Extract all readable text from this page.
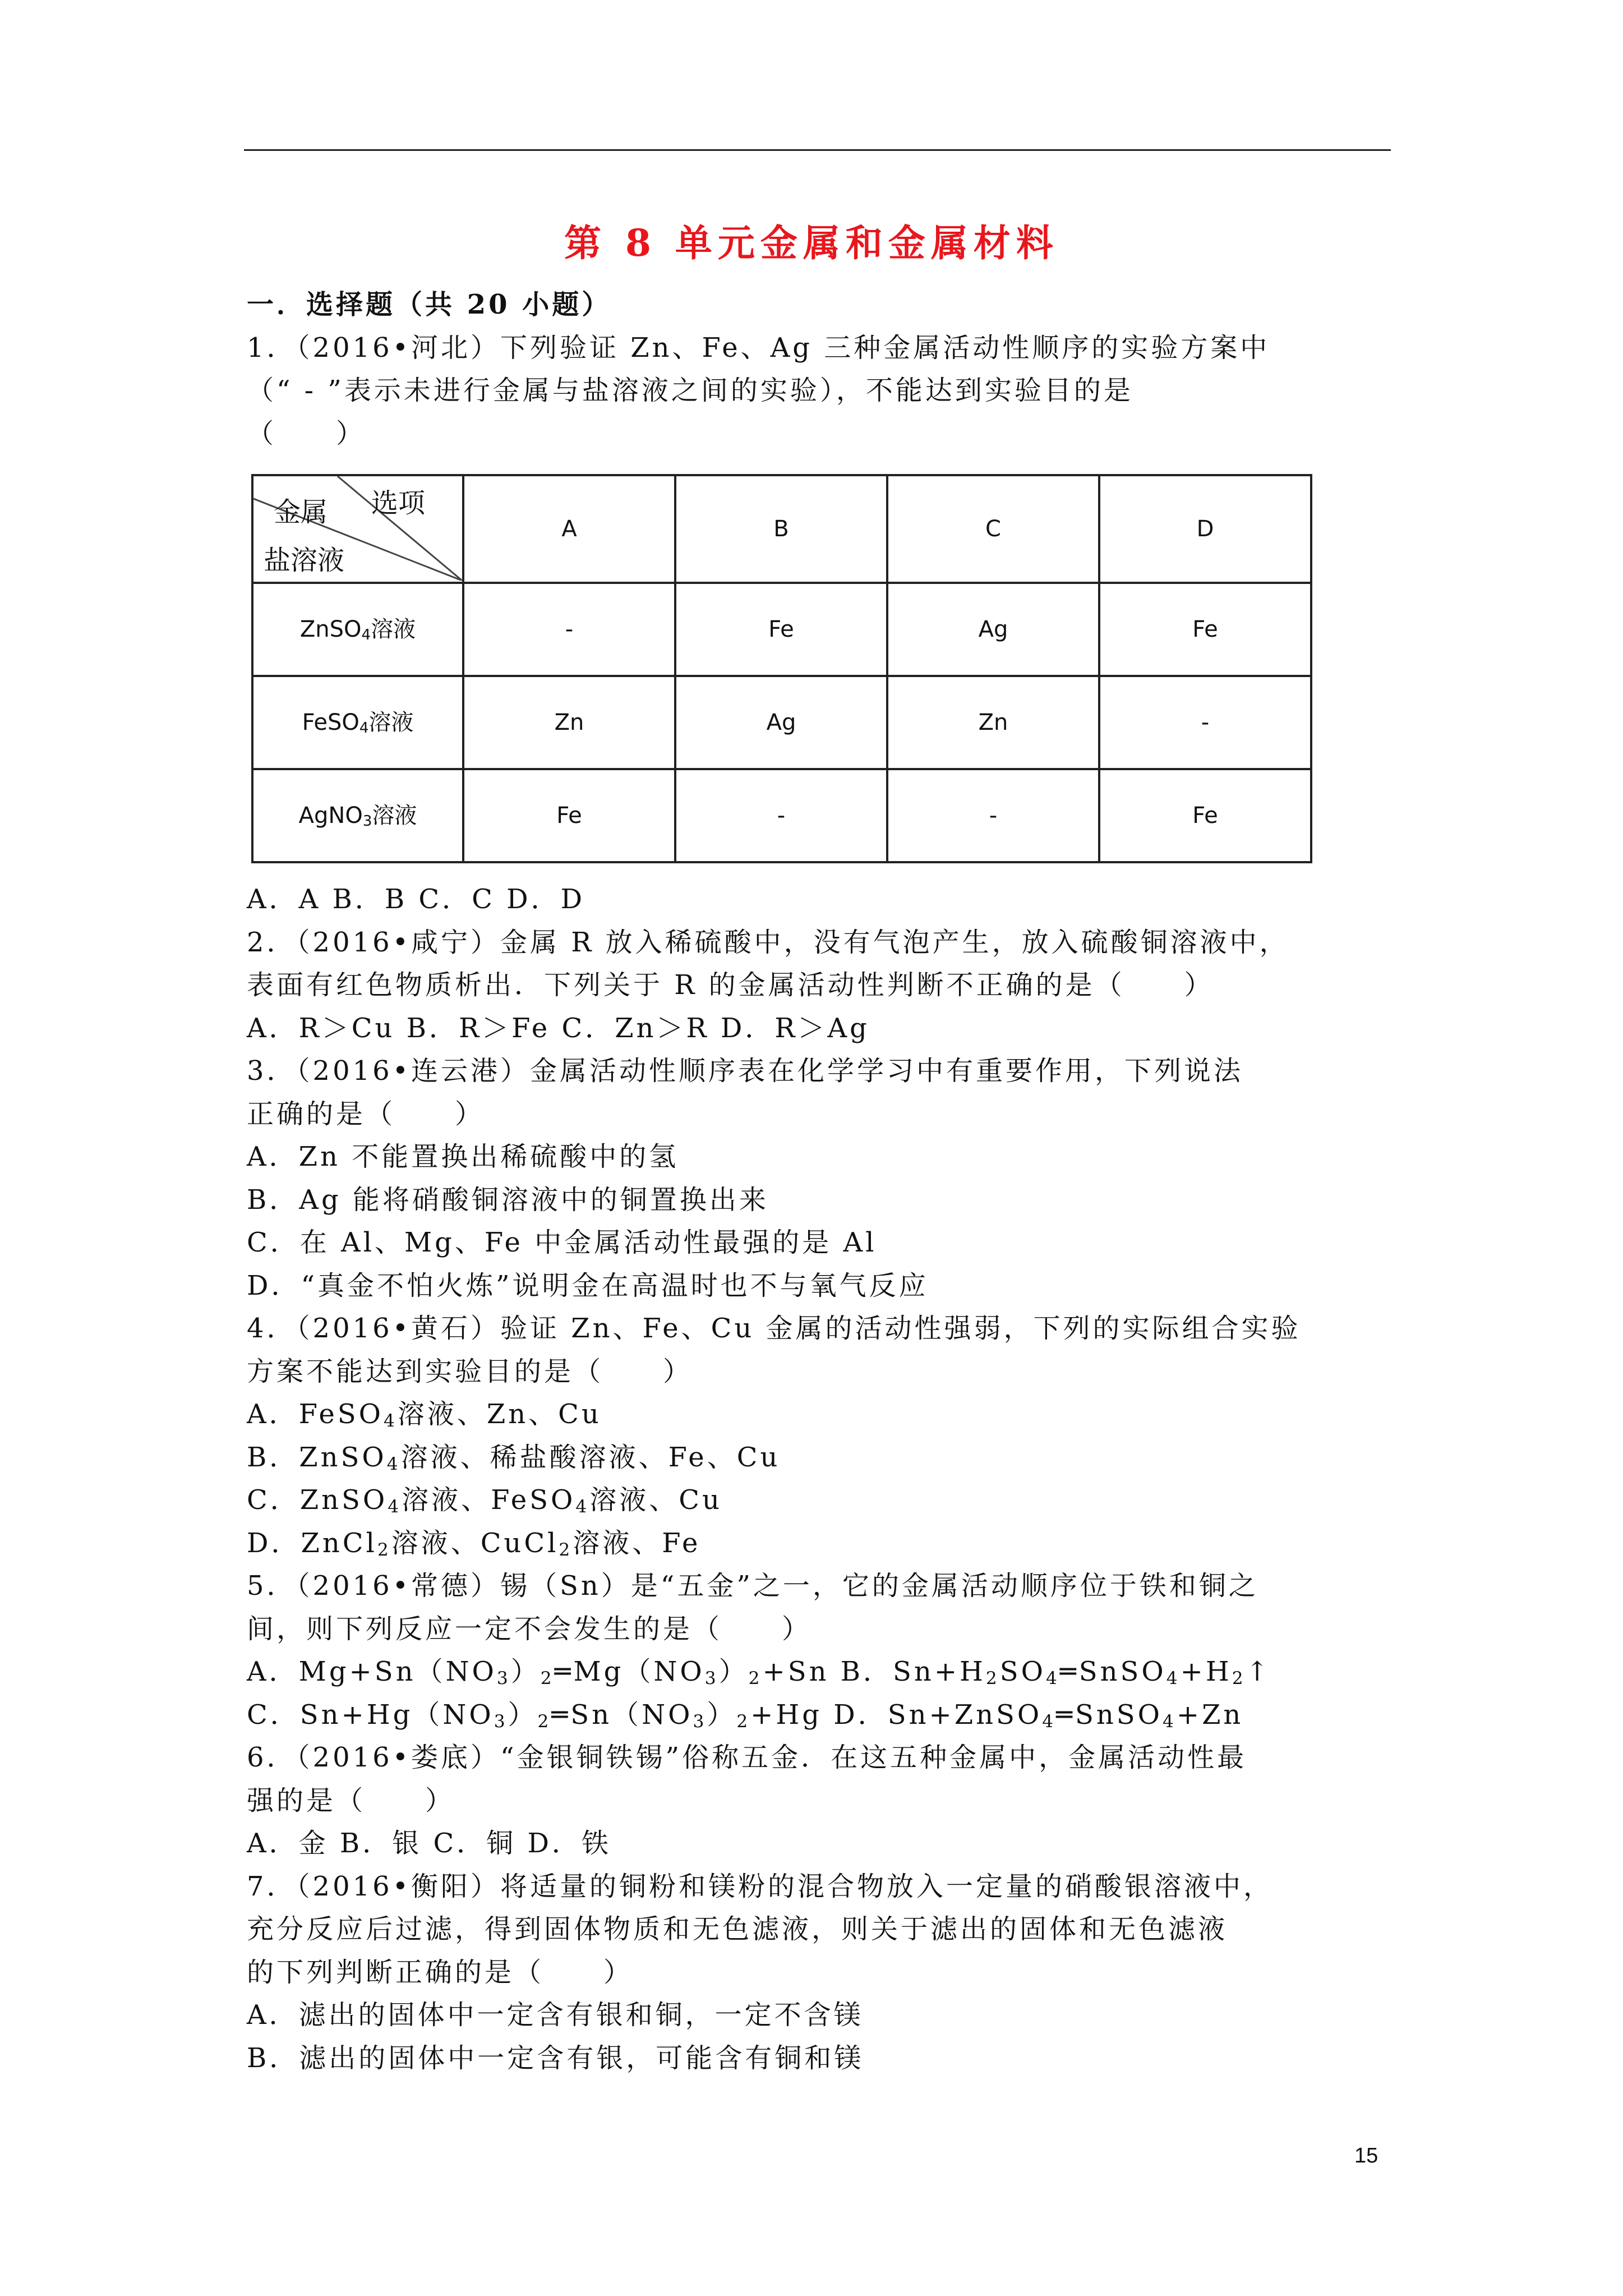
第 8 单元金属和金属材料

一．选择题（共 20 小题）

1．（2016•河北）下列验证 Zn、Fe、Ag 三种金属活动性顺序的实验方案中

（“ - ”表示未进行金属与盐溶液之间的实验），不能达到实验目的是

（　　）

金属 选项
盐溶液	A	B	C	D
ZnSO$_4$溶液	-	Fe	Ag	Fe
FeSO$_4$溶液	Zn	Ag	Zn	-
AgNO$_3$溶液	Fe	-	-	Fe

A．A B．B C．C D．D

2．（2016•咸宁）金属 R 放入稀硫酸中，没有气泡产生，放入硫酸铜溶液中，

表面有红色物质析出．下列关于 R 的金属活动性判断不正确的是（　　）

A．R＞Cu B．R＞Fe C．Zn＞R D．R＞Ag

3．（2016•连云港）金属活动性顺序表在化学学习中有重要作用，下列说法

正确的是（　　）

A．Zn 不能置换出稀硫酸中的氢

B．Ag 能将硝酸铜溶液中的铜置换出来

C．在 Al、Mg、Fe 中金属活动性最强的是 Al

D．“真金不怕火炼”说明金在高温时也不与氧气反应

4．（2016•黄石）验证 Zn、Fe、Cu 金属的活动性强弱，下列的实际组合实验

方案不能达到实验目的是（　　）

A．FeSO$_4$溶液、Zn、Cu

B．ZnSO$_4$溶液、稀盐酸溶液、Fe、Cu

C．ZnSO$_4$溶液、FeSO$_4$溶液、Cu

D．ZnCl$_2$溶液、CuCl$_2$溶液、Fe

5．（2016•常德）锡（Sn）是“五金”之一，它的金属活动顺序位于铁和铜之

间，则下列反应一定不会发生的是（　　）

A．$Mg+Sn(NO_3)_2═Mg(NO_3)_2+Sn$ B．$Sn+H_2SO_4═SnSO_4+H_2↑$

C．$Sn+Hg(NO_3)_2═Sn(NO_3)_2+Hg$ D．Sn+ZnSO$_4$═SnSO$_4$+Zn

6．（2016•娄底）“金银铜铁锡”俗称五金．在这五种金属中，金属活动性最

强的是（　　）

A．金 B．银 C．铜 D．铁

7．（2016•衡阳）将适量的铜粉和镁粉的混合物放入一定量的硝酸银溶液中，

充分反应后过滤，得到固体物质和无色滤液，则关于滤出的固体和无色滤液

的下列判断正确的是（　　）

A．滤出的固体中一定含有银和铜，一定不含镁

B．滤出的固体中一定含有银，可能含有铜和镁

15
